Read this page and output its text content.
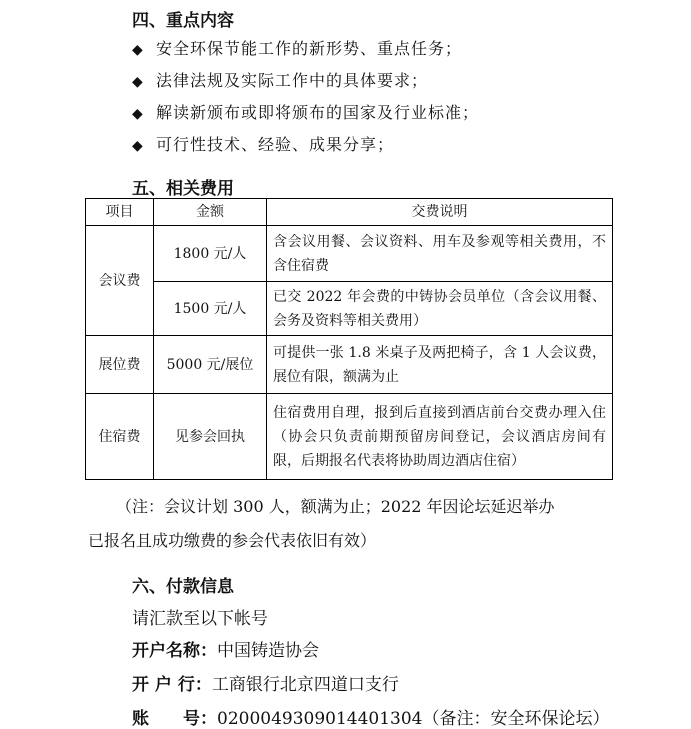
四、重点内容
◆ 安全环保节能工作的新形势、重点任务；
◆ 法律法规及实际工作中的具体要求；
◆ 解读新颁布或即将颁布的国家及行业标准；
◆ 可行性技术、经验、成果分享；
五、相关费用
项目	金额	交费说明
会议费	1800 元/人	含会议用餐、会议资料、用车及参观等相关费用，不含住宿费
	1500 元/人	已交 2022 年会费的中铸协会员单位（含会议用餐、会务及资料等相关费用）
展位费	5000 元/展位	可提供一张 1.8 米桌子及两把椅子，含 1 人会议费，展位有限，额满为止
住宿费	见参会回执	住宿费用自理，报到后直接到酒店前台交费办理入住（协会只负责前期预留房间登记，会议酒店房间有限，后期报名代表将协助周边酒店住宿）
（注：会议计划 300 人，额满为止；2022 年因论坛延迟举办
已报名且成功缴费的参会代表依旧有效）
六、付款信息
请汇款至以下帐号
开户名称：中国铸造协会
开 户 行：工商银行北京四道口支行
账　　号：0200049309014401304（备注：安全环保论坛）
